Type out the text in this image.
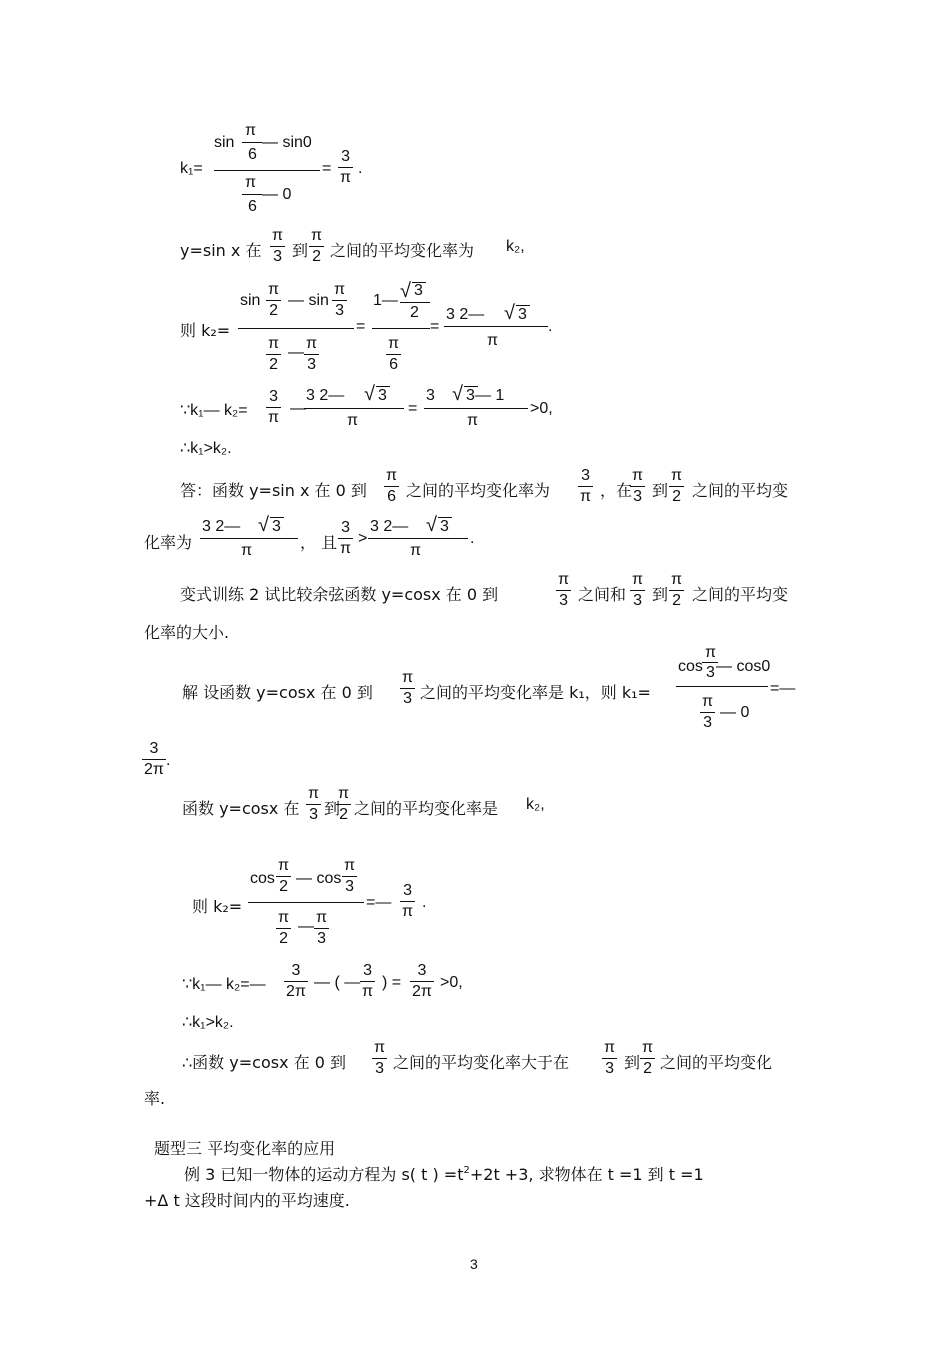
k₁=
sin
π
6
— sin0
π
6
— 0
= $\frac{3}{\pi}$ .
y=sin x 在 $\frac{\pi}{3}$ 到 $\frac{\pi}{2}$ 之间的平均变化率为 k₂,
则 k₂=
$\sin \frac{\pi}{2}$ — $\sin \frac{\pi}{3}$
$\frac{\pi}{2}$ — $\frac{\pi}{3}$
=
1— √ 3
2
$\frac{\pi}{6}$
=
3 2— √ 3
π
.
∵k₁— $k_2= \frac{3}{\pi}$ —
3 2— √ 3
π
=
3 √ 3— 1
π
>0,
∴k₁>k₂.
答：函数 y=sin x 在 0 到 $\frac{\pi}{6}$ 之间的平均变化率为 $\frac{3}{\pi}$ ，在
$\frac{\pi}{3}$ 到 $\frac{\pi}{2}$ 之间的平均变
化率为
3 2— √ 3
π	， 且 $\frac{3}{\pi}$ >
3 2— √ 3
π
.
变式训练 2 试比较余弦函数 y=cosx 在 0 到	$\frac{\pi}{3}$ 之间和 $\frac{\pi}{3}$ 到 $\frac{\pi}{2}$ 之间的平均变
化率的大小.
解 设函数 y=cosx 在 0 到 $\frac{\pi}{3}$ 之间的平均变化率是 k₁，则 k₁=
cos
π
3 — cos0
$\frac{\pi}{3}$ — 0
=—
$\frac{3}{2\pi}$ .
函数 y=cosx 在 $\frac{\pi}{3}$ 到
$\frac{\pi}{2}$ 之间的平均变化率是 k₂,
则 k₂=
$\cos \frac{\pi}{2}$ — $\cos \frac{\pi}{3}$
$\frac{\pi}{2}$ — $\frac{\pi}{3}$
=— $\frac{3}{\pi}$ .
∵k₁— k₂=— $\frac{3}{2\pi}$ — ( — $\frac{3}{\pi}$ ) = $\frac{3}{2\pi} >0$,
∴k₁>k₂.
∴函数 y=cosx 在 0 到 $\frac{\pi}{3}$ 之间的平均变化率大于在 $\frac{\pi}{3}$ 到 $\frac{\pi}{2}$ 之间的平均变化
率.
题型三 平均变化率的应用
例 3 已知一物体的运动方程为 s( t ) $=t^2+2t +3$, 求物体在 t =1 到 t =1
+Δ t 这段时间内的平均速度.
3
